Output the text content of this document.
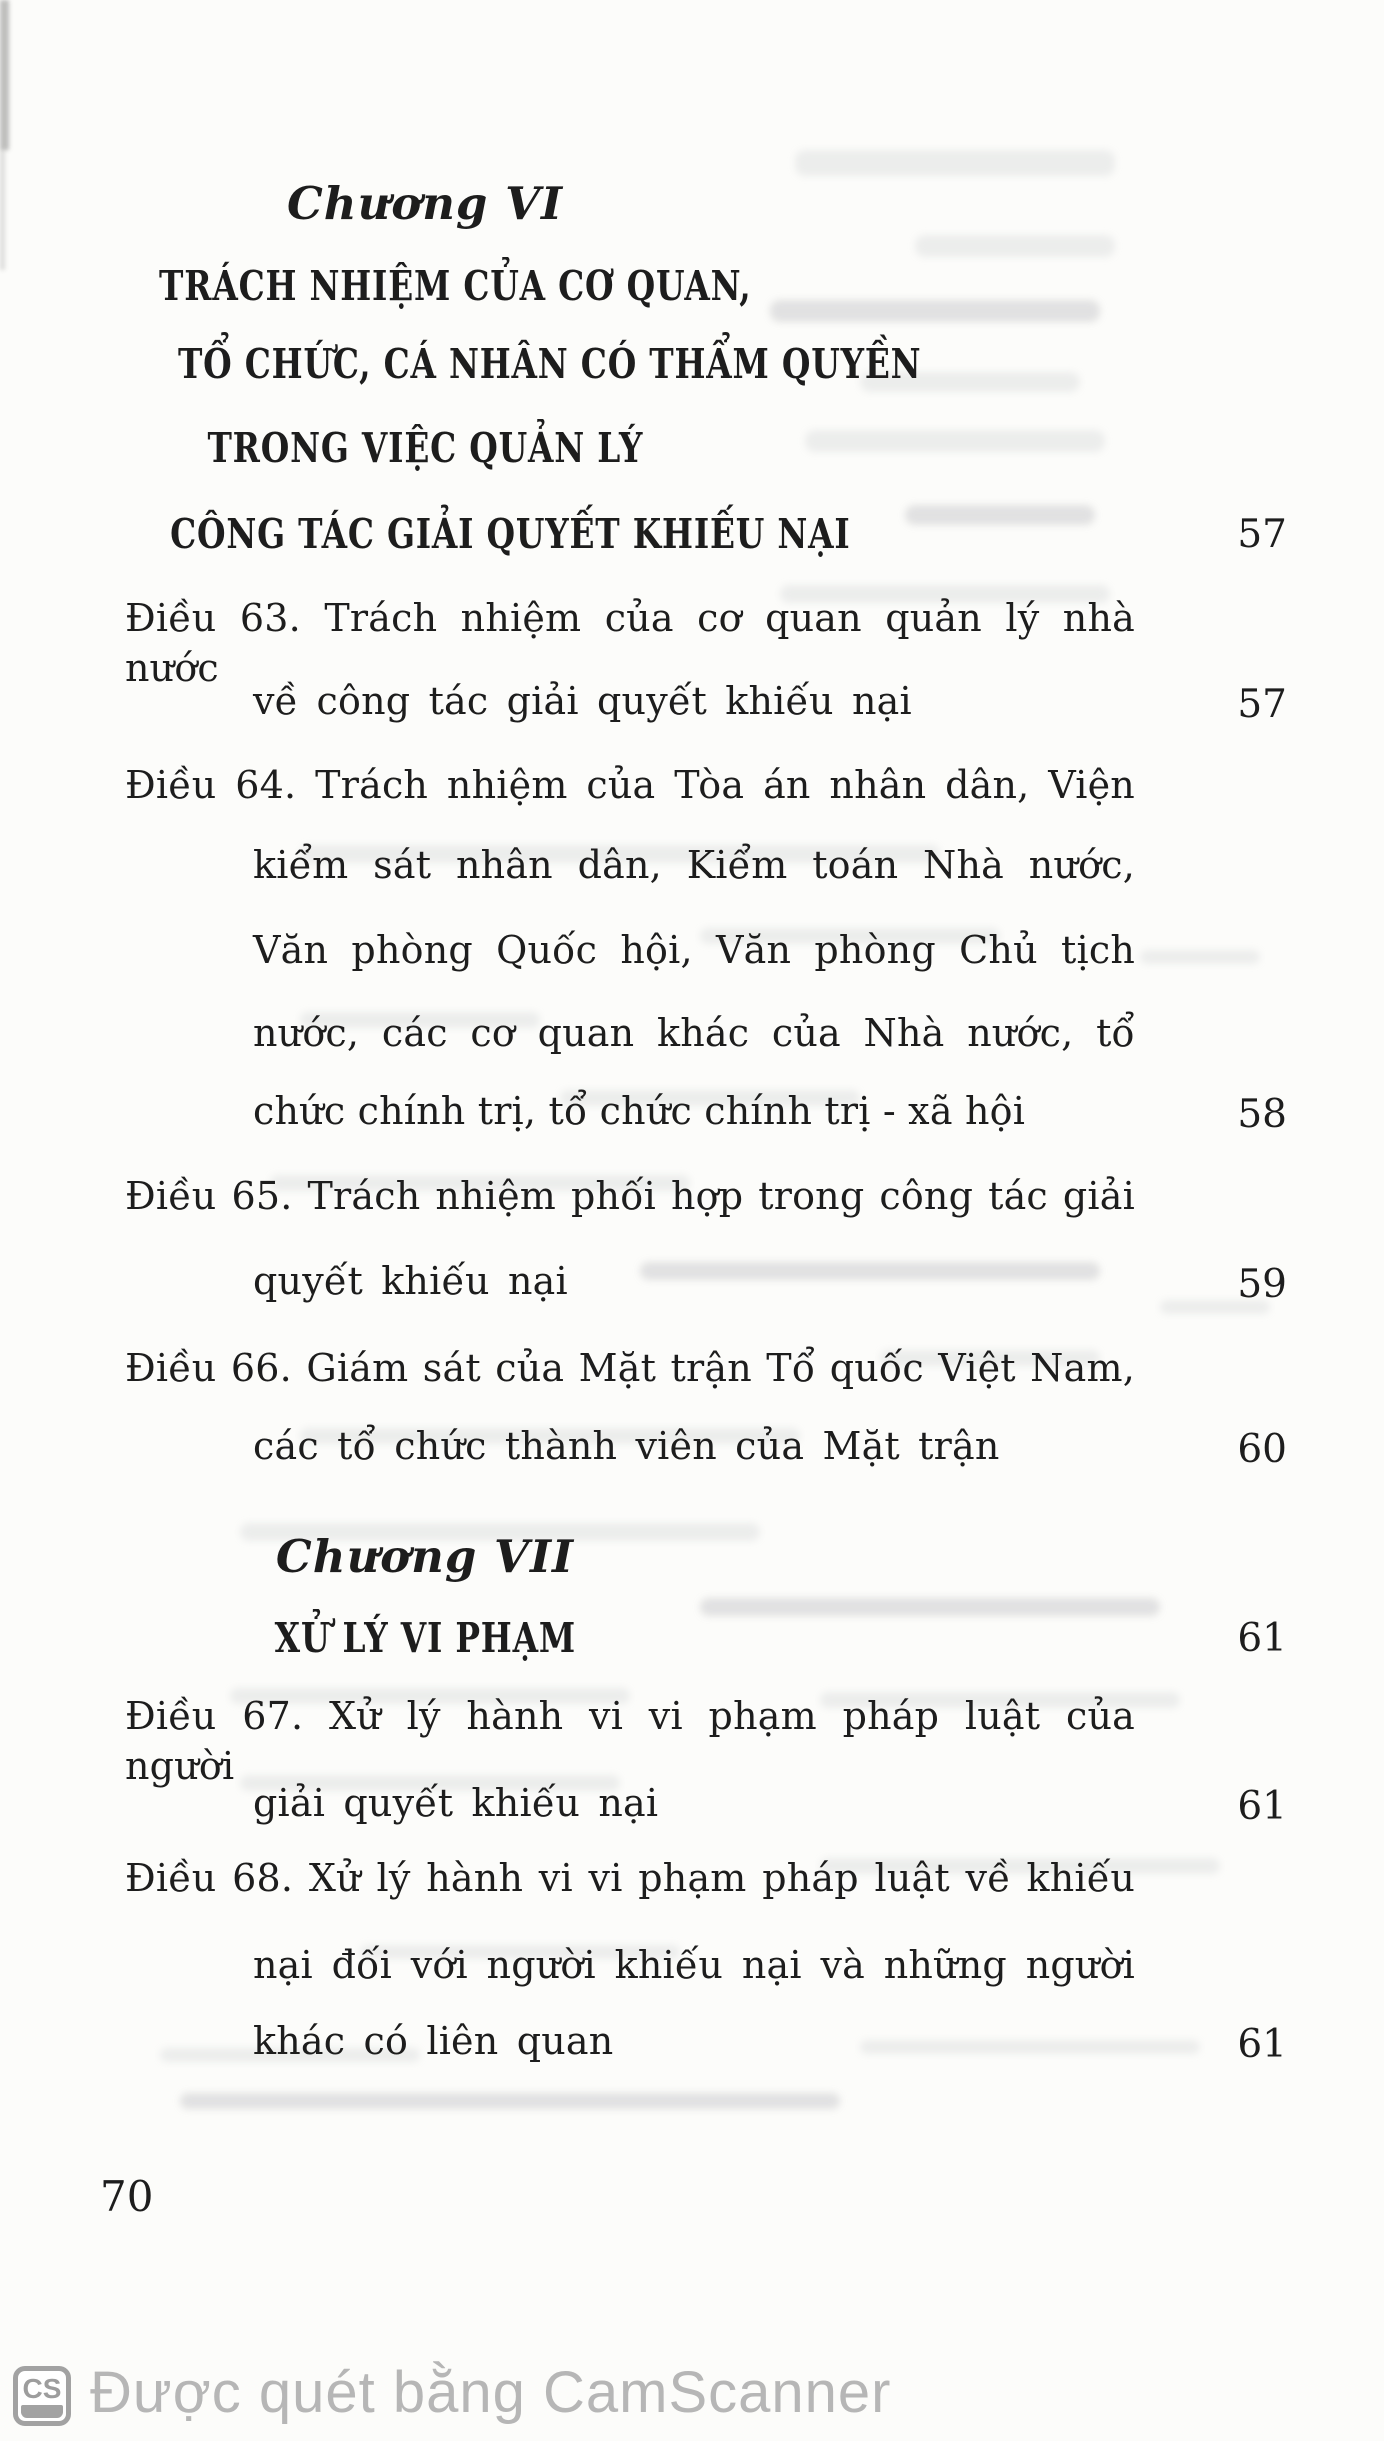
Chương VI
TRÁCH NHIỆM CỦA CƠ QUAN,
TỔ CHỨC, CÁ NHÂN CÓ THẨM QUYỀN
TRONG VIỆC QUẢN LÝ
CÔNG TÁC GIẢI QUYẾT KHIẾU NẠI	57
Điều 63. Trách nhiệm của cơ quan quản lý nhà nước
về công tác giải quyết khiếu nại	57
Điều 64. Trách nhiệm của Tòa án nhân dân, Viện
kiểm sát nhân dân, Kiểm toán Nhà nước,
Văn phòng Quốc hội, Văn phòng Chủ tịch
nước, các cơ quan khác của Nhà nước, tổ
chức chính trị, tổ chức chính trị - xã hội	58
Điều 65. Trách nhiệm phối hợp trong công tác giải
quyết khiếu nại	59
Điều 66. Giám sát của Mặt trận Tổ quốc Việt Nam,
các tổ chức thành viên của Mặt trận	60
Chương VII
XỬ LÝ VI PHẠM	61
Điều 67. Xử lý hành vi vi phạm pháp luật của người
giải quyết khiếu nại	61
Điều 68. Xử lý hành vi vi phạm pháp luật về khiếu
nại đối với người khiếu nại và những người
khác có liên quan	61
70
CS Được quét bằng CamScanner
